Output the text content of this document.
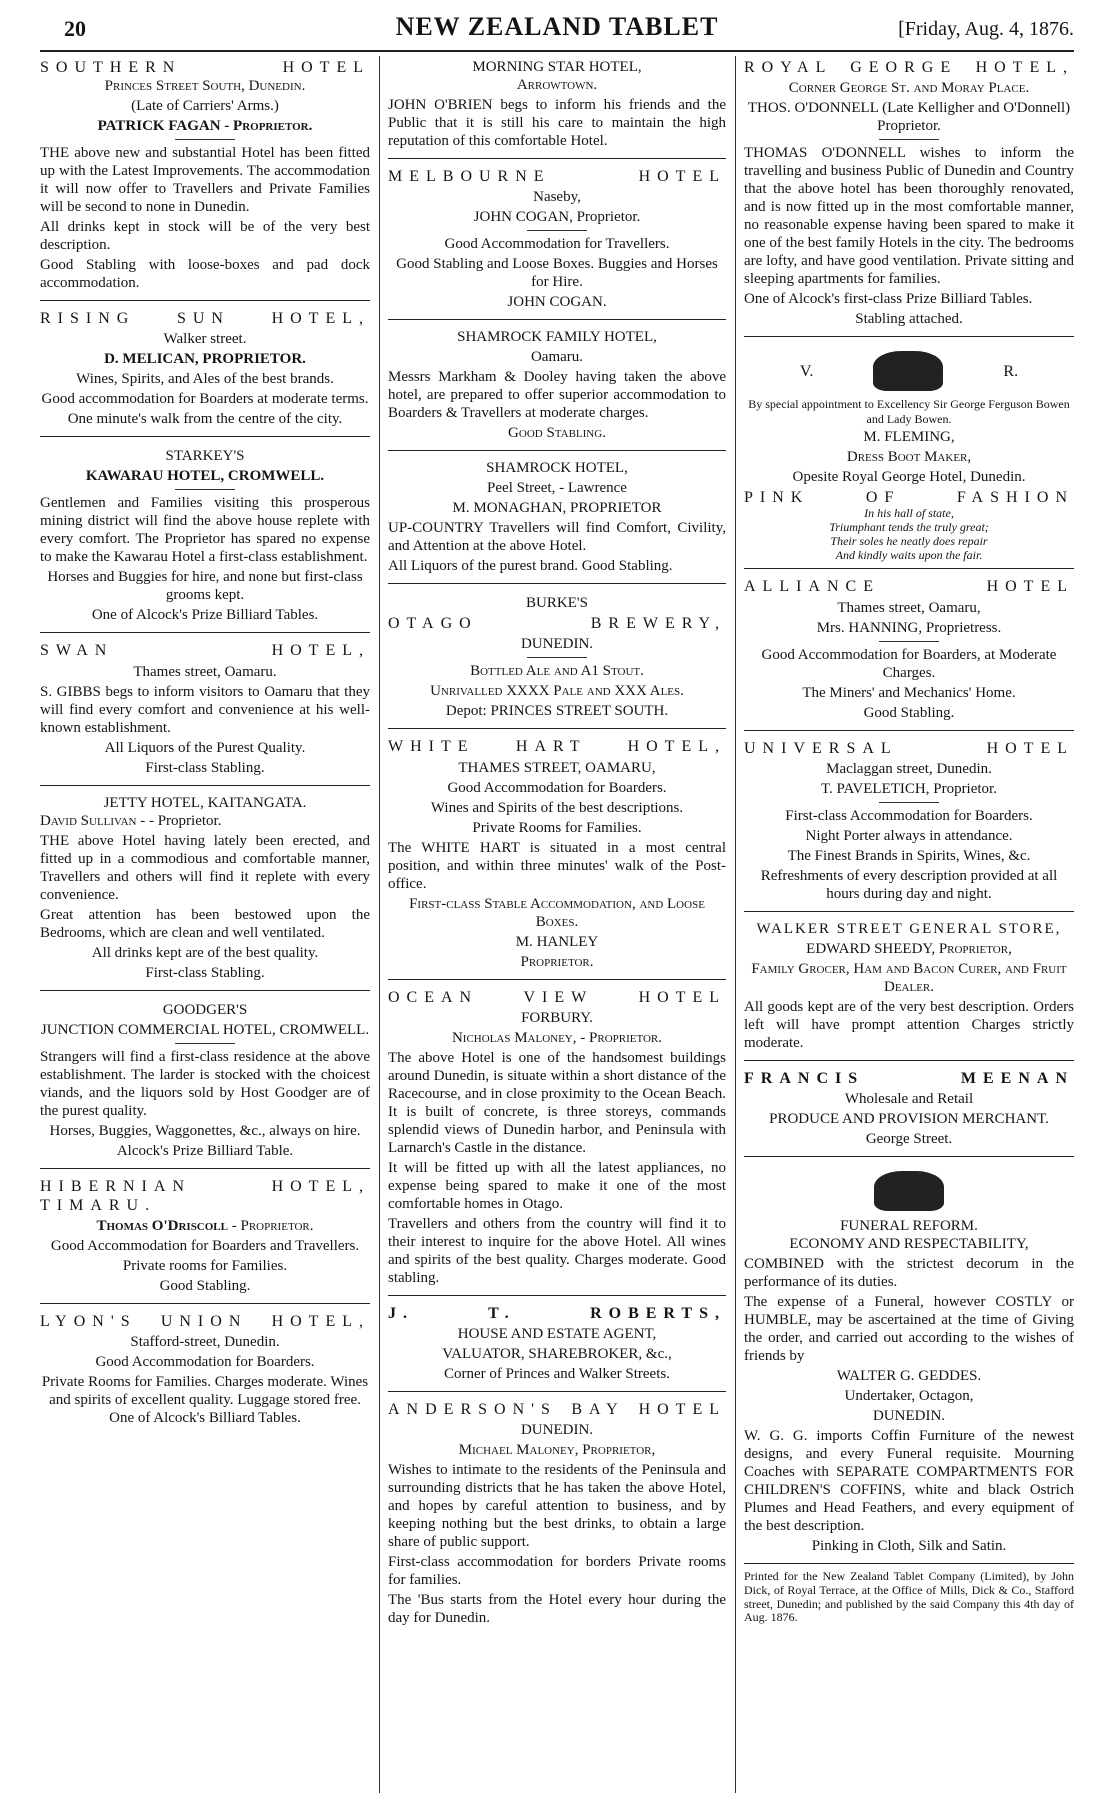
20	NEW ZEALAND TABLET	[Friday, Aug. 4, 1876.
SOUTHERN HOTEL
Princes Street South, Dunedin.
(Late of Carriers' Arms.)
PATRICK FAGAN - Proprietor.
THE above new and substantial Hotel has been fitted up with the Latest Improvements. The accommodation it will now offer to Travellers and Private Families will be second to none in Dunedin.
All drinks kept in stock will be of the very best description.
Good Stabling with loose-boxes and pad dock accommodation.
RISING SUN HOTEL,
Walker street.
D. MELICAN, PROPRIETOR.
Wines, Spirits, and Ales of the best brands.
Good accommodation for Boarders at moderate terms.
One minute's walk from the centre of the city.
STARKEY'S
KAWARAU HOTEL, CROMWELL.
Gentlemen and Families visiting this prosperous mining district will find the above house replete with every comfort. The Proprietor has spared no expense to make the Kawarau Hotel a first-class establishment.
Horses and Buggies for hire, and none but first-class grooms kept.
One of Alcock's Prize Billiard Tables.
SWAN HOTEL,
Thames street, Oamaru.
S. GIBBS begs to inform visitors to Oamaru that they will find every comfort and convenience at his well-known establishment.
All Liquors of the Purest Quality.
First-class Stabling.
JETTY HOTEL, KAITANGATA.
David Sullivan - - Proprietor.
THE above Hotel having lately been erected, and fitted up in a commodious and comfortable manner, Travellers and others will find it replete with every convenience.
Great attention has been bestowed upon the Bedrooms, which are clean and well ventilated.
All drinks kept are of the best quality.
First-class Stabling.
GOODGER'S
JUNCTION COMMERCIAL HOTEL, CROMWELL.
Strangers will find a first-class residence at the above establishment. The larder is stocked with the choicest viands, and the liquors sold by Host Goodger are of the purest quality.
Horses, Buggies, Waggonettes, &c., always on hire.
Alcock's Prize Billiard Table.
HIBERNIAN HOTEL, TIMARU.
Thomas O'Driscoll - Proprietor.
Good Accommodation for Boarders and Travellers.
Private rooms for Families.
Good Stabling.
LYON'S UNION HOTEL,
Stafford-street, Dunedin.
Good Accommodation for Boarders.
Private Rooms for Families. Charges moderate. Wines and spirits of excellent quality. Luggage stored free. One of Alcock's Billiard Tables.
MORNING STAR HOTEL,
Arrowtown.
JOHN O'BRIEN begs to inform his friends and the Public that it is still his care to maintain the high reputation of this comfortable Hotel.
MELBOURNE HOTEL
Naseby,
JOHN COGAN, Proprietor.
Good Accommodation for Travellers.
Good Stabling and Loose Boxes. Buggies and Horses for Hire.
JOHN COGAN.
SHAMROCK FAMILY HOTEL,
Oamaru.
Messrs Markham & Dooley having taken the above hotel, are prepared to offer superior accommodation to Boarders & Travellers at moderate charges.
Good Stabling.
SHAMROCK HOTEL,
Peel Street, - Lawrence
M. MONAGHAN, PROPRIETOR
UP-COUNTRY Travellers will find Comfort, Civility, and Attention at the above Hotel.
All Liquors of the purest brand. Good Stabling.
BURKE'S
OTAGO BREWERY,
DUNEDIN.
Bottled Ale and A1 Stout.
Unrivalled XXXX Pale and XXX Ales.
Depot: PRINCES STREET SOUTH.
WHITE HART HOTEL,
THAMES STREET, OAMARU,
Good Accommodation for Boarders.
Wines and Spirits of the best descriptions.
Private Rooms for Families.
The WHITE HART is situated in a most central position, and within three minutes' walk of the Post-office.
First-class Stable Accommodation, and Loose Boxes.
M. HANLEY
Proprietor.
OCEAN VIEW HOTEL
FORBURY.
Nicholas Maloney, - Proprietor.
The above Hotel is one of the handsomest buildings around Dunedin, is situate within a short distance of the Racecourse, and in close proximity to the Ocean Beach. It is built of concrete, is three storeys, commands splendid views of Dunedin harbor, and Peninsula with Larnarch's Castle in the distance.
It will be fitted up with all the latest appliances, no expense being spared to make it one of the most comfortable homes in Otago.
Travellers and others from the country will find it to their interest to inquire for the above Hotel. All wines and spirits of the best quality. Charges moderate. Good stabling.
J. T. ROBERTS,
HOUSE AND ESTATE AGENT,
VALUATOR, SHAREBROKER, &c.,
Corner of Princes and Walker Streets.
ANDERSON'S BAY HOTEL
DUNEDIN.
Michael Maloney, Proprietor,
Wishes to intimate to the residents of the Peninsula and surrounding districts that he has taken the above Hotel, and hopes by careful attention to business, and by keeping nothing but the best drinks, to obtain a large share of public support.
First-class accommodation for borders Private rooms for families.
The 'Bus starts from the Hotel every hour during the day for Dunedin.
ROYAL GEORGE HOTEL,
Corner George St. and Moray Place.
THOS. O'DONNELL (Late Kelligher and O'Donnell) Proprietor.
THOMAS O'DONNELL wishes to inform the travelling and business Public of Dunedin and Country that the above hotel has been thoroughly renovated, and is now fitted up in the most comfortable manner, no reasonable expense having been spared to make it one of the best family Hotels in the city. The bedrooms are lofty, and have good ventilation. Private sitting and sleeping apartments for families.
One of Alcock's first-class Prize Billiard Tables.
Stabling attached.
V.	R.
By special appointment to Excellency Sir George Ferguson Bowen and Lady Bowen.
M. FLEMING,
Dress Boot Maker,
Opesite Royal George Hotel, Dunedin.
PINK OF FASHION
In his hall of state,
Triumphant tends the truly great;
Their soles he neatly does repair
And kindly waits upon the fair.
ALLIANCE HOTEL
Thames street, Oamaru,
Mrs. HANNING, Proprietress.
Good Accommodation for Boarders, at Moderate Charges.
The Miners' and Mechanics' Home.
Good Stabling.
UNIVERSAL HOTEL
Maclaggan street, Dunedin.
T. PAVELETICH, Proprietor.
First-class Accommodation for Boarders.
Night Porter always in attendance.
The Finest Brands in Spirits, Wines, &c.
Refreshments of every description provided at all hours during day and night.
WALKER STREET GENERAL STORE,
EDWARD SHEEDY, Proprietor,
Family Grocer, Ham and Bacon Curer, and Fruit Dealer.
All goods kept are of the very best description. Orders left will have prompt attention Charges strictly moderate.
FRANCIS MEENAN
Wholesale and Retail
PRODUCE AND PROVISION MERCHANT.
George Street.
FUNERAL REFORM.
ECONOMY AND RESPECTABILITY,
COMBINED with the strictest decorum in the performance of its duties.
The expense of a Funeral, however COSTLY or HUMBLE, may be ascertained at the time of Giving the order, and carried out according to the wishes of friends by
WALTER G. GEDDES.
Undertaker, Octagon,
DUNEDIN.
W. G. G. imports Coffin Furniture of the newest designs, and every Funeral requisite. Mourning Coaches with SEPARATE COMPARTMENTS FOR CHILDREN'S COFFINS, white and black Ostrich Plumes and Head Feathers, and every equipment of the best description.
Pinking in Cloth, Silk and Satin.
Printed for the New Zealand Tablet Company (Limited), by John Dick, of Royal Terrace, at the Office of Mills, Dick & Co., Stafford street, Dunedin; and published by the said Company this 4th day of Aug. 1876.
